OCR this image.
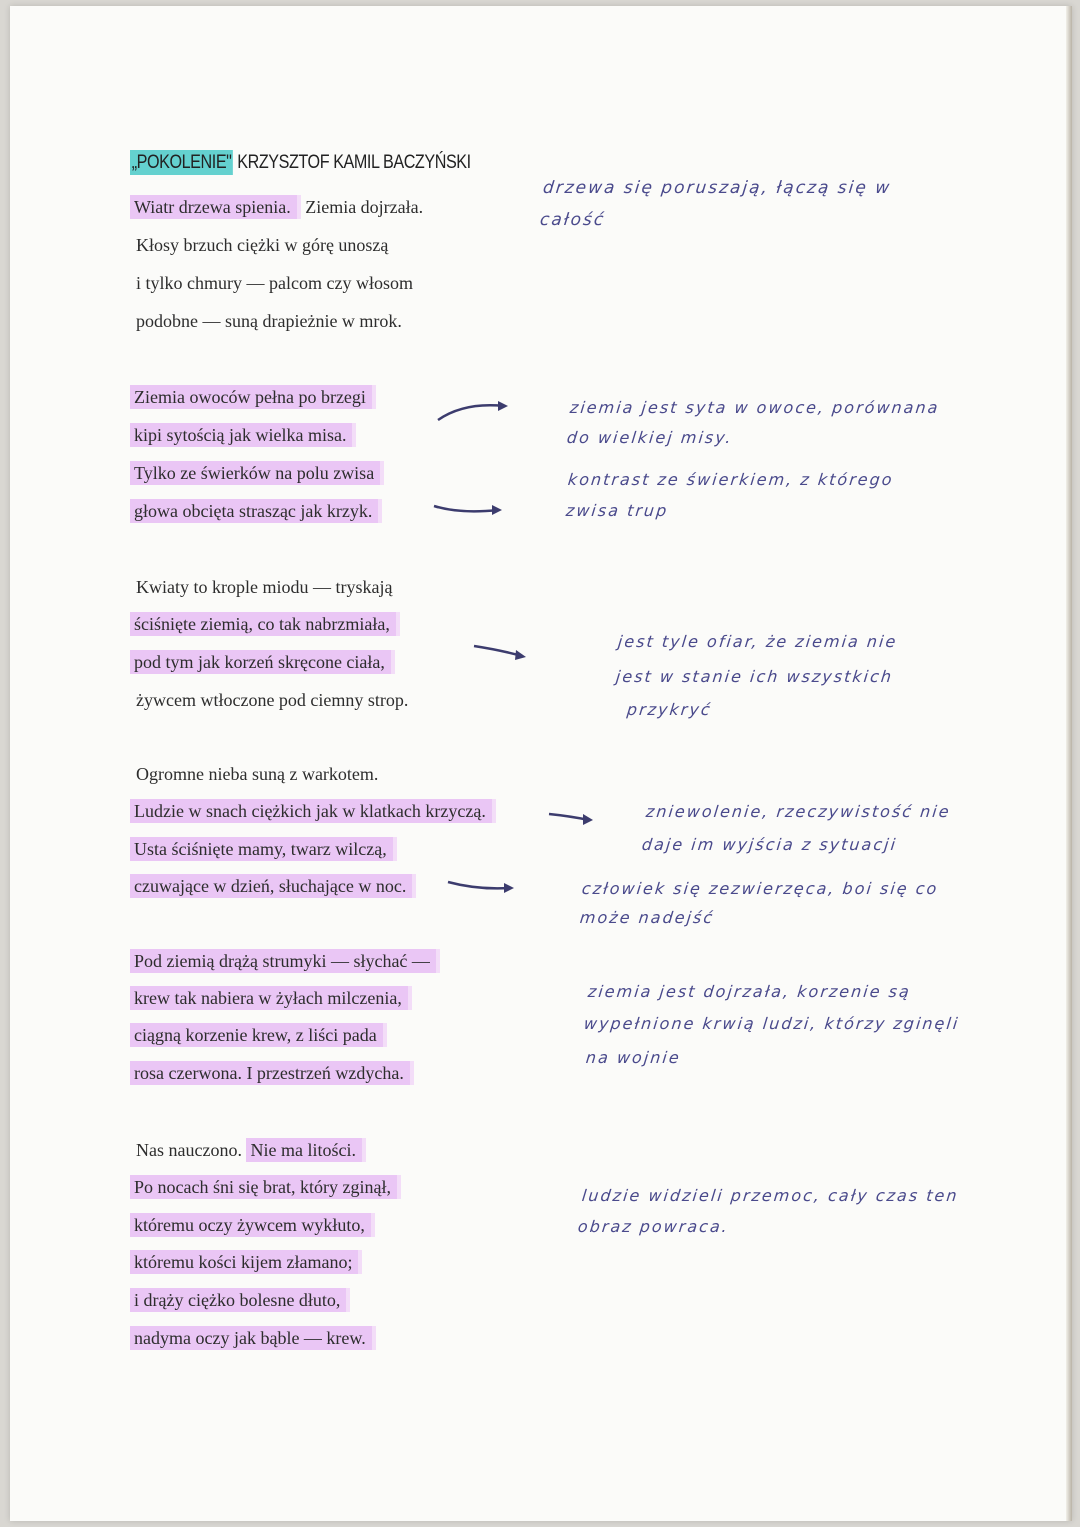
„POKOLENIE" KRZYSZTOF KAMIL BACZYŃSKI
Wiatr drzewa spienia. Ziemia dojrzała.
Kłosy brzuch ciężki w górę unoszą
i tylko chmury — palcom czy włosom
podobne — suną drapieżnie w mrok.
Ziemia owoców pełna po brzegi
kipi sytością jak wielka misa.
Tylko ze świerków na polu zwisa
głowa obcięta strasząc jak krzyk.
Kwiaty to krople miodu — tryskają
ściśnięte ziemią, co tak nabrzmiała,
pod tym jak korzeń skręcone ciała,
żywcem wtłoczone pod ciemny strop.
Ogromne nieba suną z warkotem.
Ludzie w snach ciężkich jak w klatkach krzyczą.
Usta ściśnięte mamy, twarz wilczą,
czuwające w dzień, słuchające w noc.
Pod ziemią drążą strumyki — słychać —
krew tak nabiera w żyłach milczenia,
ciągną korzenie krew, z liści pada
rosa czerwona. I przestrzeń wzdycha.
Nas nauczono. Nie ma litości.
Po nocach śni się brat, który zginął,
któremu oczy żywcem wykłuto,
któremu kości kijem złamano;
i drąży ciężko bolesne dłuto,
nadyma oczy jak bąble — krew.
drzewa się poruszają, łączą się w
całość
ziemia jest syta w owoce, porównana
do wielkiej misy.
kontrast ze świerkiem, z którego
zwisa trup
jest tyle ofiar, że ziemia nie
jest w stanie ich wszystkich
przykryć
zniewolenie, rzeczywistość nie
daje im wyjścia z sytuacji
człowiek się zezwierzęca, boi się co
może nadejść
ziemia jest dojrzała, korzenie są
wypełnione krwią ludzi, którzy zginęli
na wojnie
ludzie widzieli przemoc, cały czas ten
obraz powraca.
